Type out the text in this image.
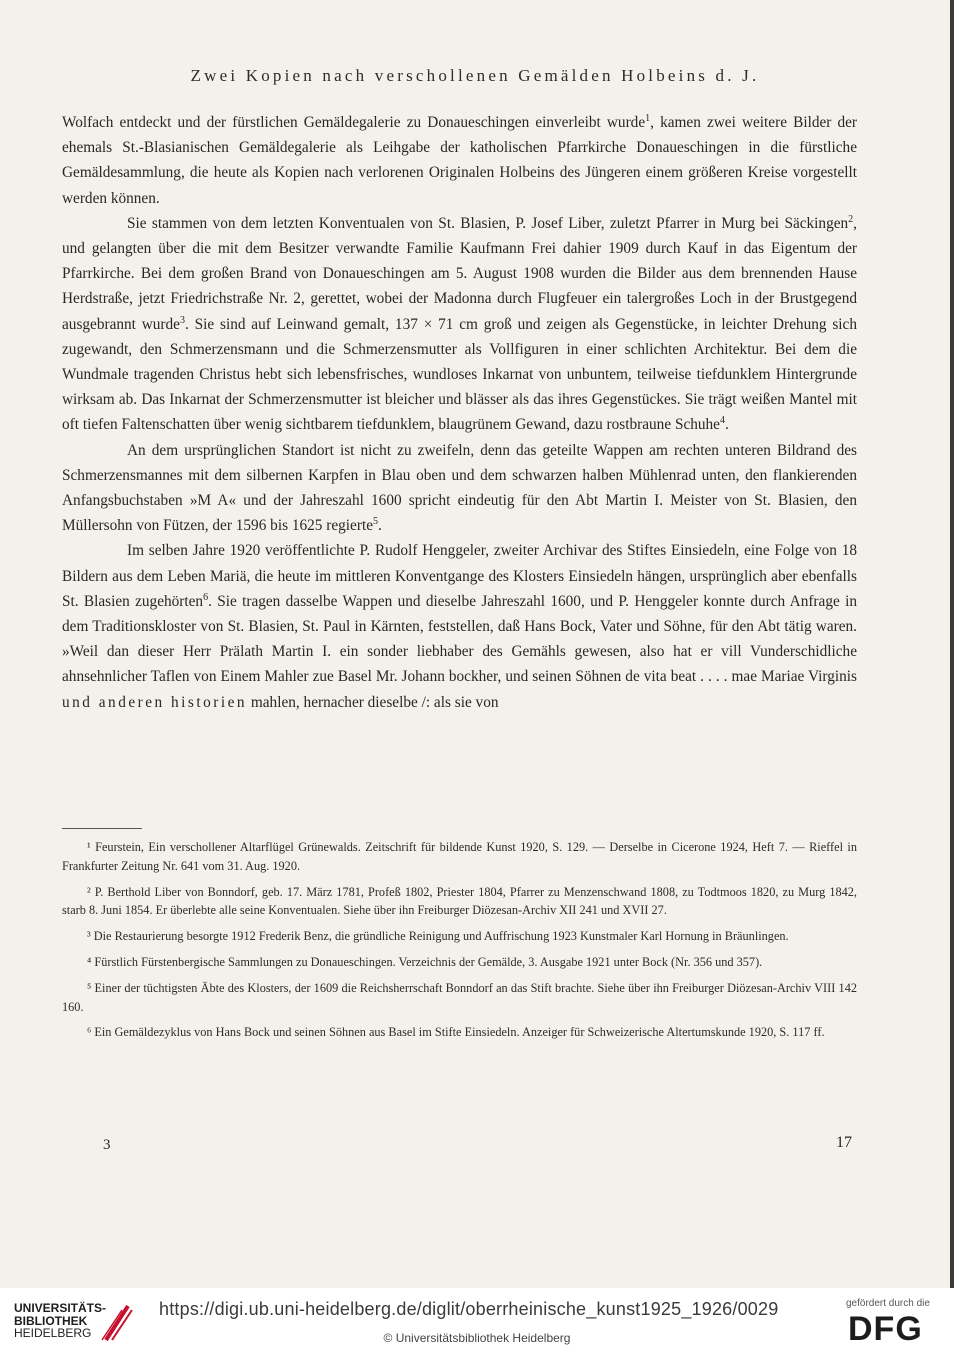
Zwei Kopien nach verschollenen Gemälden Holbeins d. J.

Wolfach entdeckt und der fürstlichen Gemäldegalerie zu Donaueschingen einverleibt wurde$^1$, kamen zwei weitere Bilder der ehemals St.-Blasianischen Gemäldegalerie als Leihgabe der katholischen Pfarrkirche Donaueschingen in die fürstliche Gemäldesammlung, die heute als Kopien nach verlorenen Originalen Holbeins des Jüngeren einem größeren Kreise vorgestellt werden können.

Sie stammen von dem letzten Konventualen von St. Blasien, P. Josef Liber, zuletzt Pfarrer in Murg bei Säckingen$^2$, und gelangten über die mit dem Besitzer verwandte Familie Kaufmann Frei dahier 1909 durch Kauf in das Eigentum der Pfarrkirche. Bei dem großen Brand von Donaueschingen am 5. August 1908 wurden die Bilder aus dem brennenden Hause Herdstraße, jetzt Friedrichstraße Nr. 2, gerettet, wobei der Madonna durch Flugfeuer ein talergroßes Loch in der Brustgegend ausgebrannt wurde$^3$. Sie sind auf Leinwand gemalt, 137 × 71 cm groß und zeigen als Gegenstücke, in leichter Drehung sich zugewandt, den Schmerzensmann und die Schmerzensmutter als Vollfiguren in einer schlichten Architektur. Bei dem die Wundmale tragenden Christus hebt sich lebensfrisches, wundloses Inkarnat von unbuntem, teilweise tiefdunklem Hintergrunde wirksam ab. Das Inkarnat der Schmerzensmutter ist bleicher und blässer als das ihres Gegenstückes. Sie trägt weißen Mantel mit oft tiefen Faltenschatten über wenig sichtbarem tiefdunklem, blaugrünem Gewand, dazu rostbraune Schuhe$^4$.

An dem ursprünglichen Standort ist nicht zu zweifeln, denn das geteilte Wappen am rechten unteren Bildrand des Schmerzensmannes mit dem silbernen Karpfen in Blau oben und dem schwarzen halben Mühlenrad unten, den flankierenden Anfangsbuchstaben »M A« und der Jahreszahl 1600 spricht eindeutig für den Abt Martin I. Meister von St. Blasien, den Müllersohn von Fützen, der 1596 bis 1625 regierte$^5$.

Im selben Jahre 1920 veröffentlichte P. Rudolf Henggeler, zweiter Archivar des Stiftes Einsiedeln, eine Folge von 18 Bildern aus dem Leben Mariä, die heute im mittleren Konventgange des Klosters Einsiedeln hängen, ursprünglich aber ebenfalls St. Blasien zugehörten$^6$. Sie tragen dasselbe Wappen und dieselbe Jahreszahl 1600, und P. Henggeler konnte durch Anfrage in dem Traditionskloster von St. Blasien, St. Paul in Kärnten, feststellen, daß Hans Bock, Vater und Söhne, für den Abt tätig waren. »Weil dan dieser Herr Prälath Martin I. ein sonder liebhaber des Gemähls gewesen, also hat er vill Vunderschidliche ahnsehnlicher Taflen von Einem Mahler zue Basel Mr. Johann bockher, und seinen Söhnen de vita beat . . . . mae Mariae Virginis und anderen historien mahlen, hernacher dieselbe /: als sie von

¹ Feurstein, Ein verschollener Altarflügel Grünewalds. Zeitschrift für bildende Kunst 1920, S. 129. — Derselbe in Cicerone 1924, Heft 7. — Rieffel in Frankfurter Zeitung Nr. 641 vom 31. Aug. 1920.

² P. Berthold Liber von Bonndorf, geb. 17. März 1781, Profeß 1802, Priester 1804, Pfarrer zu Menzenschwand 1808, zu Todtmoos 1820, zu Murg 1842, starb 8. Juni 1854. Er überlebte alle seine Konventualen. Siehe über ihn Freiburger Diözesan-Archiv XII 241 und XVII 27.

³ Die Restaurierung besorgte 1912 Frederik Benz, die gründliche Reinigung und Auffrischung 1923 Kunstmaler Karl Hornung in Bräunlingen.

⁴ Fürstlich Fürstenbergische Sammlungen zu Donaueschingen. Verzeichnis der Gemälde, 3. Ausgabe 1921 unter Bock (Nr. 356 und 357).

⁵ Einer der tüchtigsten Äbte des Klosters, der 1609 die Reichsherrschaft Bonndorf an das Stift brachte. Siehe über ihn Freiburger Diözesan-Archiv VIII 142 160.

⁶ Ein Gemäldezyklus von Hans Bock und seinen Söhnen aus Basel im Stifte Einsiedeln. Anzeiger für Schweizerische Altertumskunde 1920, S. 117 ff.

3	17
UNIVERSITÄTS-
BIBLIOTHEK
HEIDELBERG
https://digi.ub.uni-heidelberg.de/diglit/oberrheinische_kunst1925_1926/0029
© Universitätsbibliothek Heidelberg
gefördert durch die
DFG
